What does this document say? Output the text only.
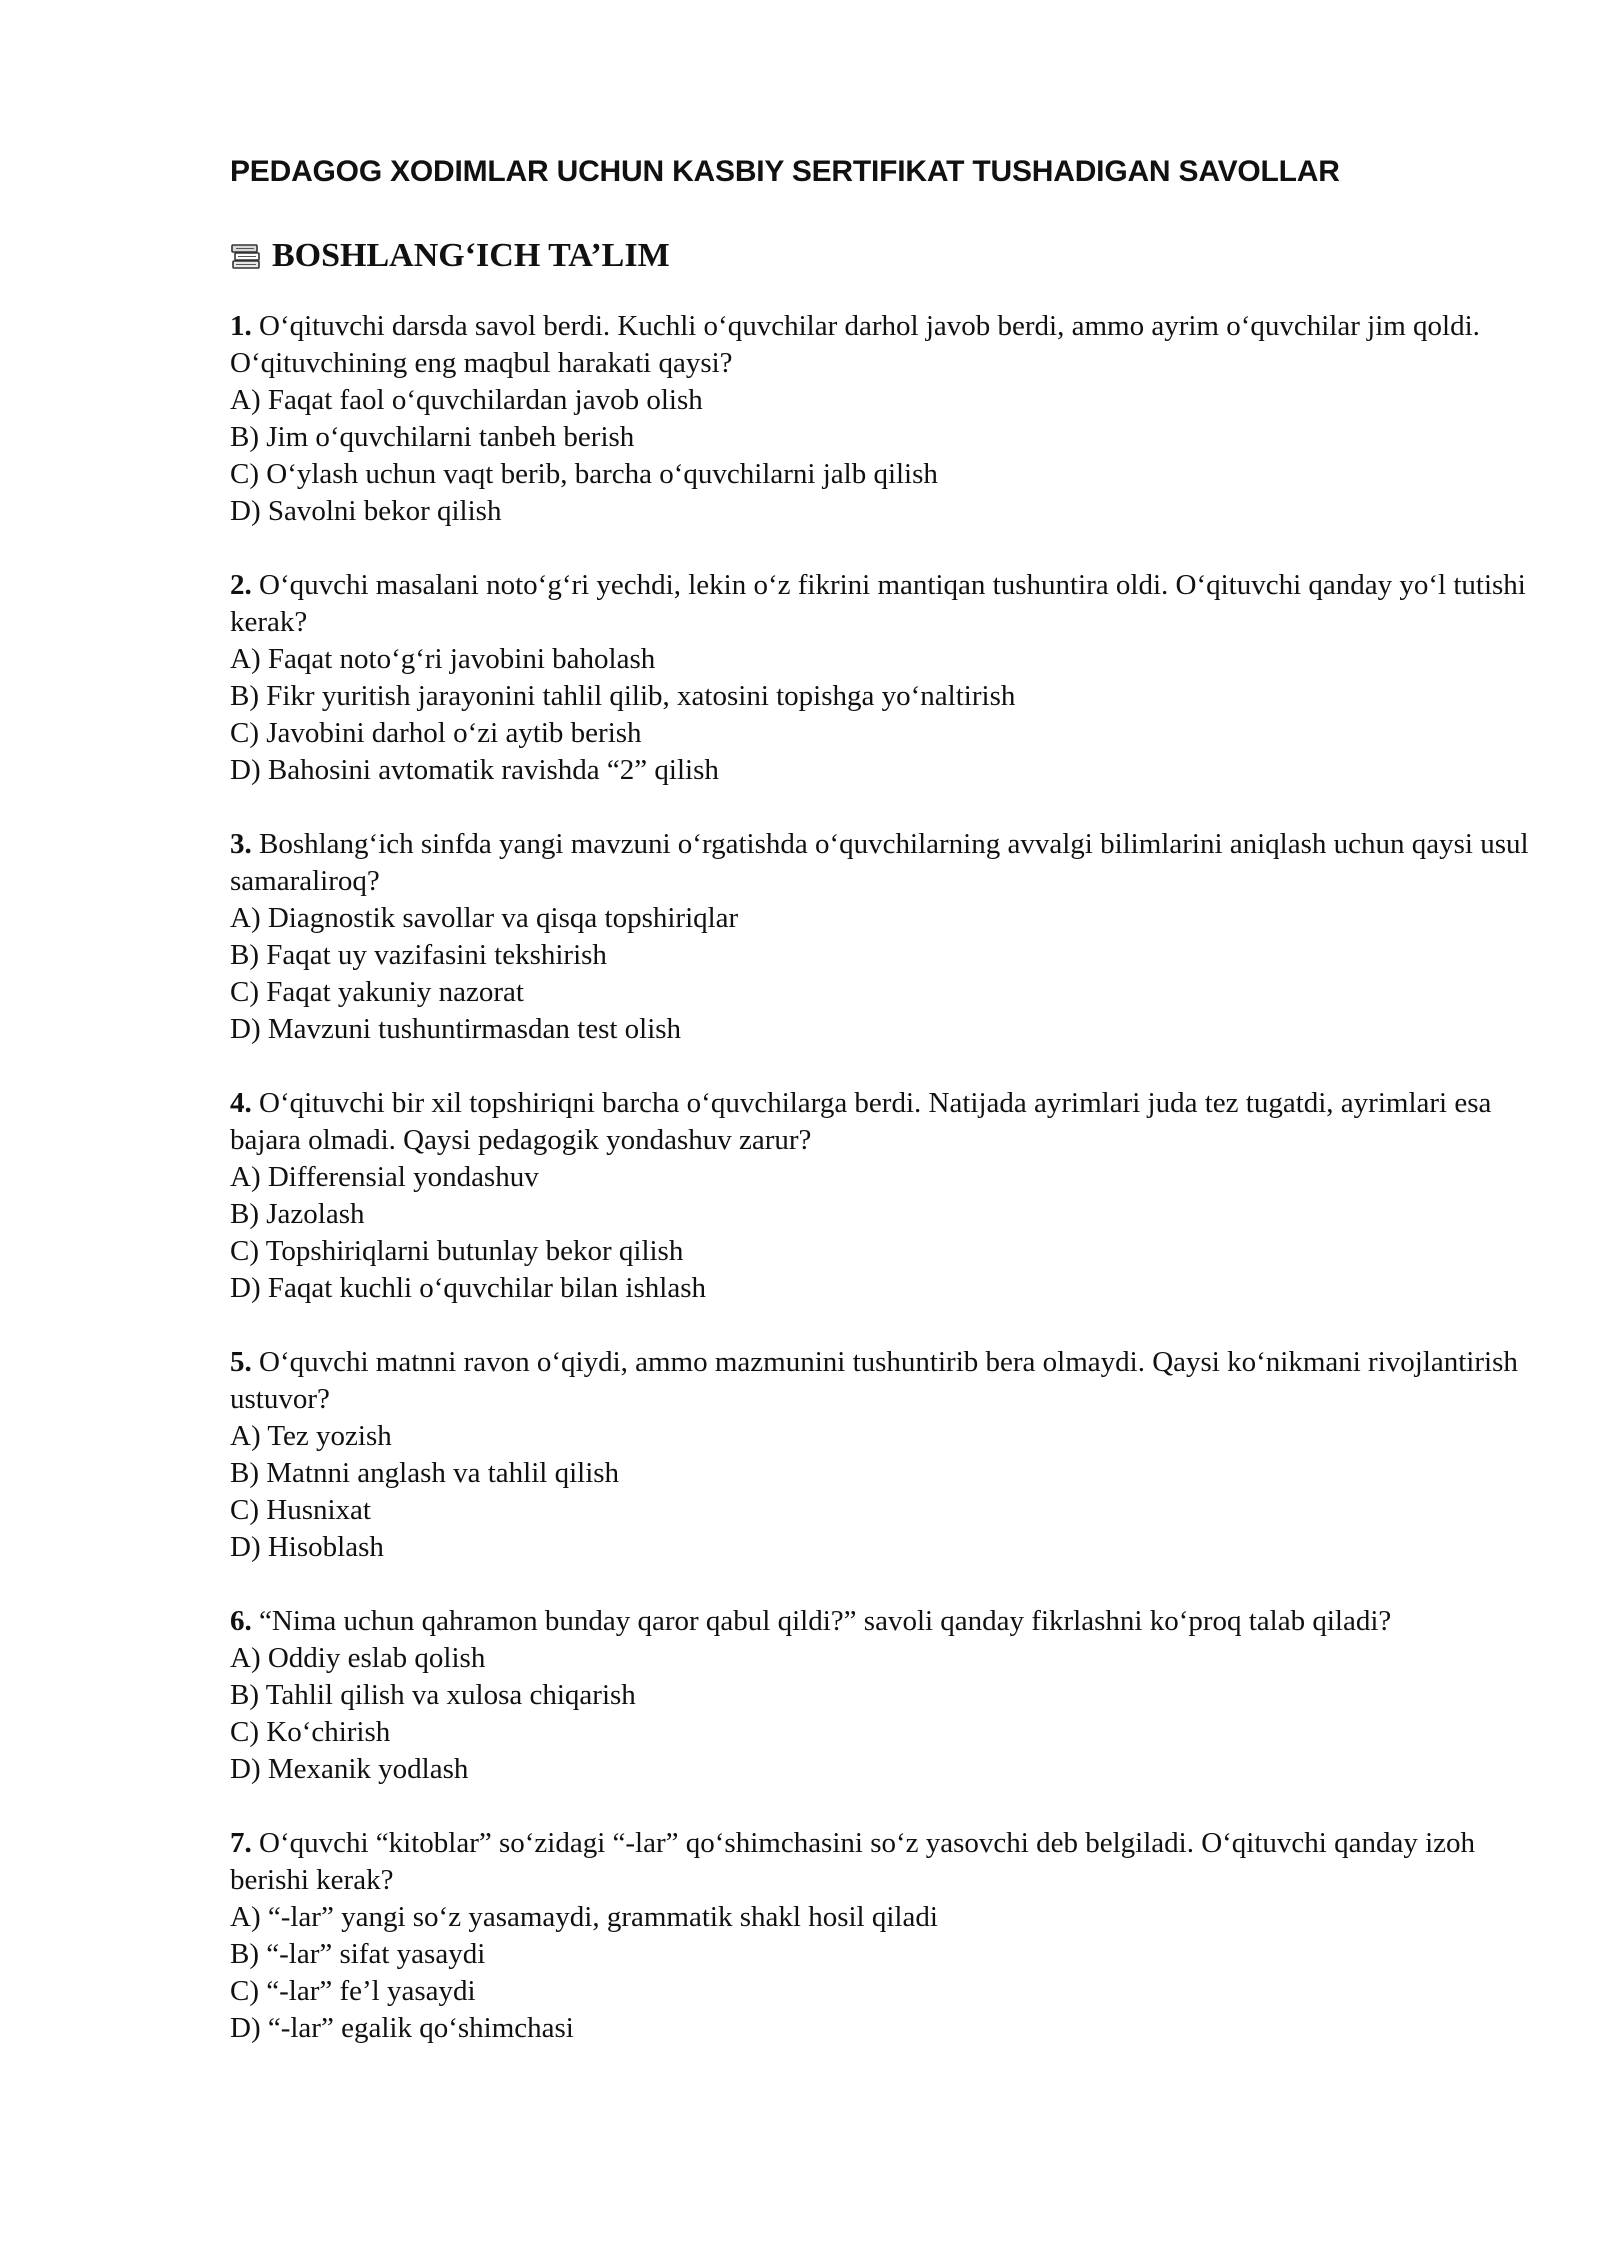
PEDAGOG XODIMLAR UCHUN KASBIY SERTIFIKAT TUSHADIGAN SAVOLLAR
BOSHLANG‘ICH TA’LIM

1. O‘qituvchi darsda savol berdi. Kuchli o‘quvchilar darhol javob berdi, ammo ayrim o‘quvchilar jim qoldi. O‘qituvchining eng maqbul harakati qaysi?

A) Faqat faol o‘quvchilardan javob olish

B) Jim o‘quvchilarni tanbeh berish

C) O‘ylash uchun vaqt berib, barcha o‘quvchilarni jalb qilish

D) Savolni bekor qilish

2. O‘quvchi masalani noto‘g‘ri yechdi, lekin o‘z fikrini mantiqan tushuntira oldi. O‘qituvchi qanday yo‘l tutishi kerak?

A) Faqat noto‘g‘ri javobini baholash

B) Fikr yuritish jarayonini tahlil qilib, xatosini topishga yo‘naltirish

C) Javobini darhol o‘zi aytib berish

D) Bahosini avtomatik ravishda “2” qilish

3. Boshlang‘ich sinfda yangi mavzuni o‘rgatishda o‘quvchilarning avvalgi bilimlarini aniqlash uchun qaysi usul samaraliroq?

A) Diagnostik savollar va qisqa topshiriqlar

B) Faqat uy vazifasini tekshirish

C) Faqat yakuniy nazorat

D) Mavzuni tushuntirmasdan test olish

4. O‘qituvchi bir xil topshiriqni barcha o‘quvchilarga berdi. Natijada ayrimlari juda tez tugatdi, ayrimlari esa bajara olmadi. Qaysi pedagogik yondashuv zarur?

A) Differensial yondashuv

B) Jazolash

C) Topshiriqlarni butunlay bekor qilish

D) Faqat kuchli o‘quvchilar bilan ishlash

5. O‘quvchi matnni ravon o‘qiydi, ammo mazmunini tushuntirib bera olmaydi. Qaysi ko‘nikmani rivojlantirish ustuvor?

A) Tez yozish

B) Matnni anglash va tahlil qilish

C) Husnixat

D) Hisoblash

6. “Nima uchun qahramon bunday qaror qabul qildi?” savoli qanday fikrlashni ko‘proq talab qiladi?

A) Oddiy eslab qolish

B) Tahlil qilish va xulosa chiqarish

C) Ko‘chirish

D) Mexanik yodlash

7. O‘quvchi “kitoblar” so‘zidagi “-lar” qo‘shimchasini so‘z yasovchi deb belgiladi. O‘qituvchi qanday izoh berishi kerak?

A) “-lar” yangi so‘z yasamaydi, grammatik shakl hosil qiladi

B) “-lar” sifat yasaydi

C) “-lar” fe’l yasaydi

D) “-lar” egalik qo‘shimchasi
